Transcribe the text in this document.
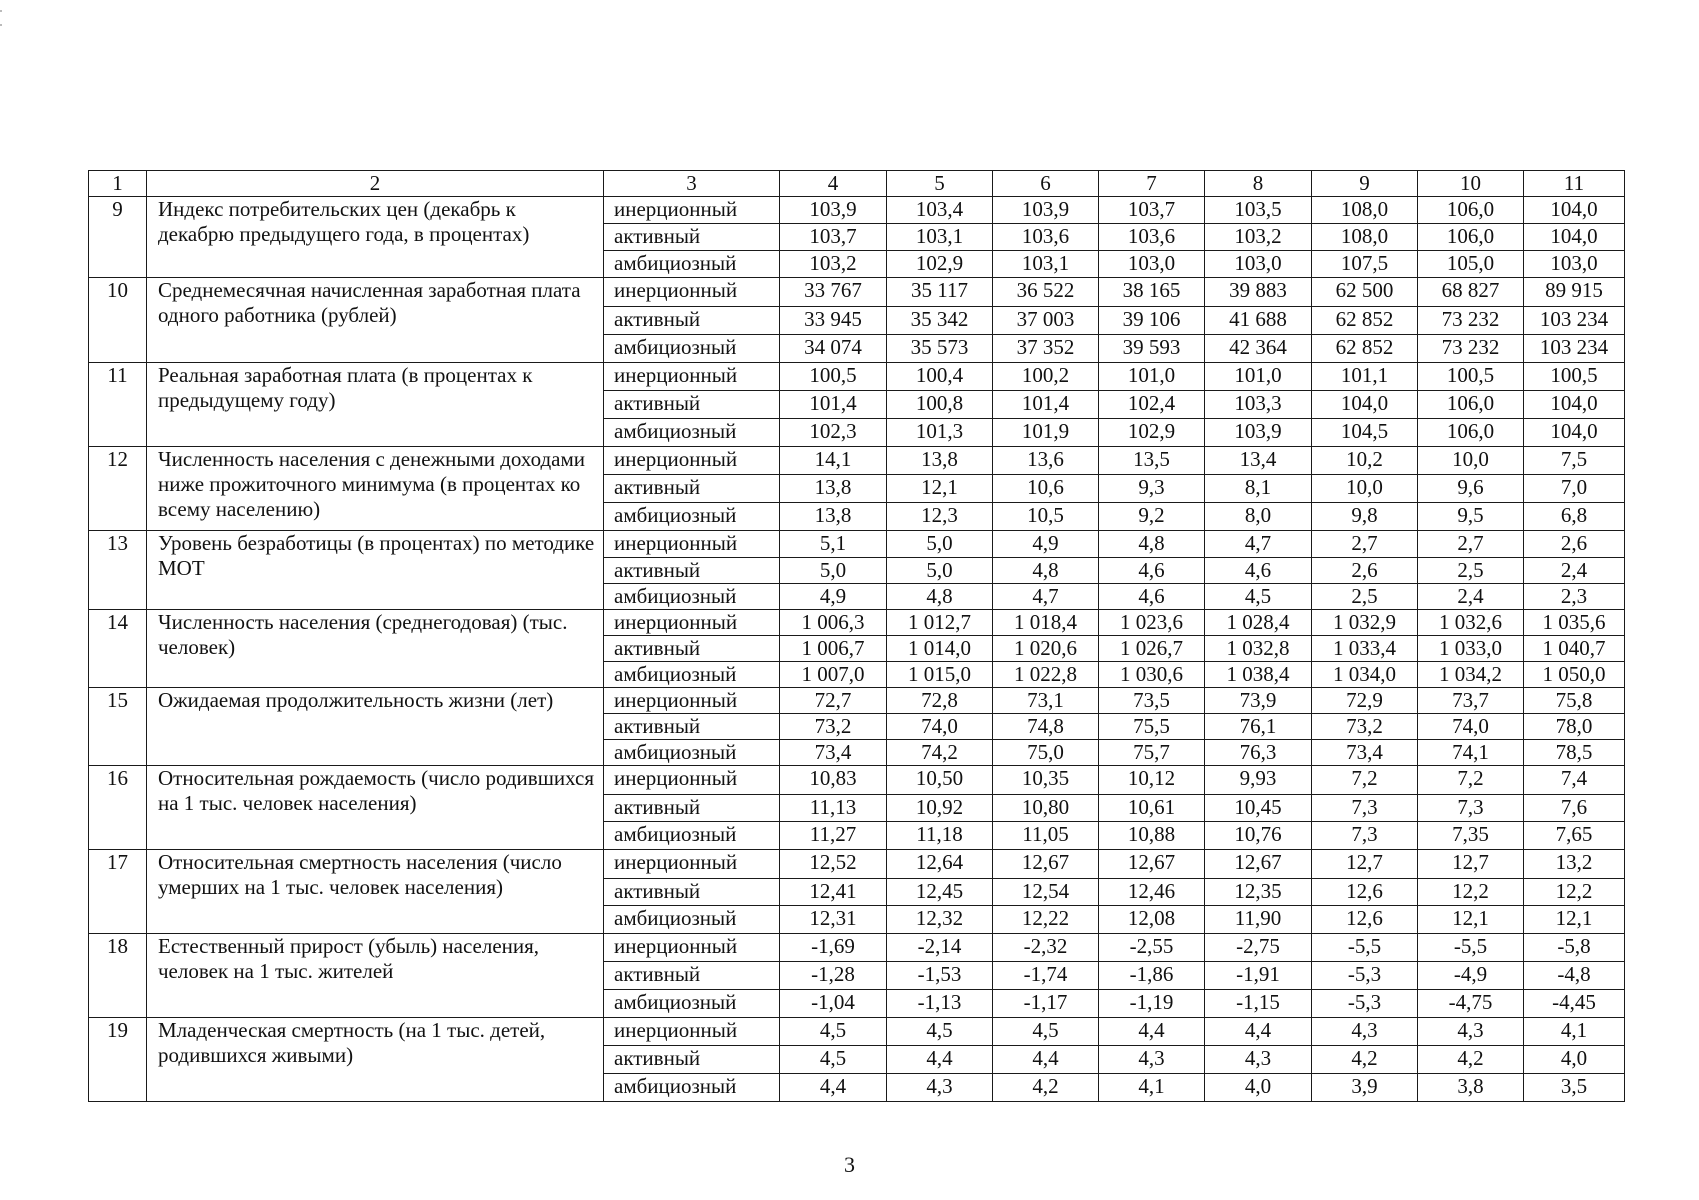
1	2	3	4	5	6	7	8	9	10	11
9	Индекс потребительских цен (декабрь к декабрю предыдущего года, в процентах)	инерционный	103,9	103,4	103,9	103,7	103,5	108,0	106,0	104,0
		активный	103,7	103,1	103,6	103,6	103,2	108,0	106,0	104,0
		амбициозный	103,2	102,9	103,1	103,0	103,0	107,5	105,0	103,0
10	Среднемесячная начисленная заработная плата одного работника (рублей)	инерционный	33 767	35 117	36 522	38 165	39 883	62 500	68 827	89 915
		активный	33 945	35 342	37 003	39 106	41 688	62 852	73 232	103 234
		амбициозный	34 074	35 573	37 352	39 593	42 364	62 852	73 232	103 234
11	Реальная заработная плата (в процентах к предыдущему году)	инерционный	100,5	100,4	100,2	101,0	101,0	101,1	100,5	100,5
		активный	101,4	100,8	101,4	102,4	103,3	104,0	106,0	104,0
		амбициозный	102,3	101,3	101,9	102,9	103,9	104,5	106,0	104,0
12	Численность населения с денежными доходами ниже прожиточного минимума (в процентах ко всему населению)	инерционный	14,1	13,8	13,6	13,5	13,4	10,2	10,0	7,5
		активный	13,8	12,1	10,6	9,3	8,1	10,0	9,6	7,0
		амбициозный	13,8	12,3	10,5	9,2	8,0	9,8	9,5	6,8
13	Уровень безработицы (в процентах) по методике МОТ	инерционный	5,1	5,0	4,9	4,8	4,7	2,7	2,7	2,6
		активный	5,0	5,0	4,8	4,6	4,6	2,6	2,5	2,4
		амбициозный	4,9	4,8	4,7	4,6	4,5	2,5	2,4	2,3
14	Численность населения (среднегодовая) (тыс. человек)	инерционный	1 006,3	1 012,7	1 018,4	1 023,6	1 028,4	1 032,9	1 032,6	1 035,6
		активный	1 006,7	1 014,0	1 020,6	1 026,7	1 032,8	1 033,4	1 033,0	1 040,7
		амбициозный	1 007,0	1 015,0	1 022,8	1 030,6	1 038,4	1 034,0	1 034,2	1 050,0
15	Ожидаемая продолжительность жизни (лет)	инерционный	72,7	72,8	73,1	73,5	73,9	72,9	73,7	75,8
		активный	73,2	74,0	74,8	75,5	76,1	73,2	74,0	78,0
		амбициозный	73,4	74,2	75,0	75,7	76,3	73,4	74,1	78,5
16	Относительная рождаемость (число родившихся на 1 тыс. человек населения)	инерционный	10,83	10,50	10,35	10,12	9,93	7,2	7,2	7,4
		активный	11,13	10,92	10,80	10,61	10,45	7,3	7,3	7,6
		амбициозный	11,27	11,18	11,05	10,88	10,76	7,3	7,35	7,65
17	Относительная смертность населения (число умерших на 1 тыс. человек населения)	инерционный	12,52	12,64	12,67	12,67	12,67	12,7	12,7	13,2
		активный	12,41	12,45	12,54	12,46	12,35	12,6	12,2	12,2
		амбициозный	12,31	12,32	12,22	12,08	11,90	12,6	12,1	12,1
18	Естественный прирост (убыль) населения, человек на 1 тыс. жителей	инерционный	-1,69	-2,14	-2,32	-2,55	-2,75	-5,5	-5,5	-5,8
		активный	-1,28	-1,53	-1,74	-1,86	-1,91	-5,3	-4,9	-4,8
		амбициозный	-1,04	-1,13	-1,17	-1,19	-1,15	-5,3	-4,75	-4,45
19	Младенческая смертность (на 1 тыс. детей, родившихся живыми)	инерционный	4,5	4,5	4,5	4,4	4,4	4,3	4,3	4,1
		активный	4,5	4,4	4,4	4,3	4,3	4,2	4,2	4,0
		амбициозный	4,4	4,3	4,2	4,1	4,0	3,9	3,8	3,5
3
